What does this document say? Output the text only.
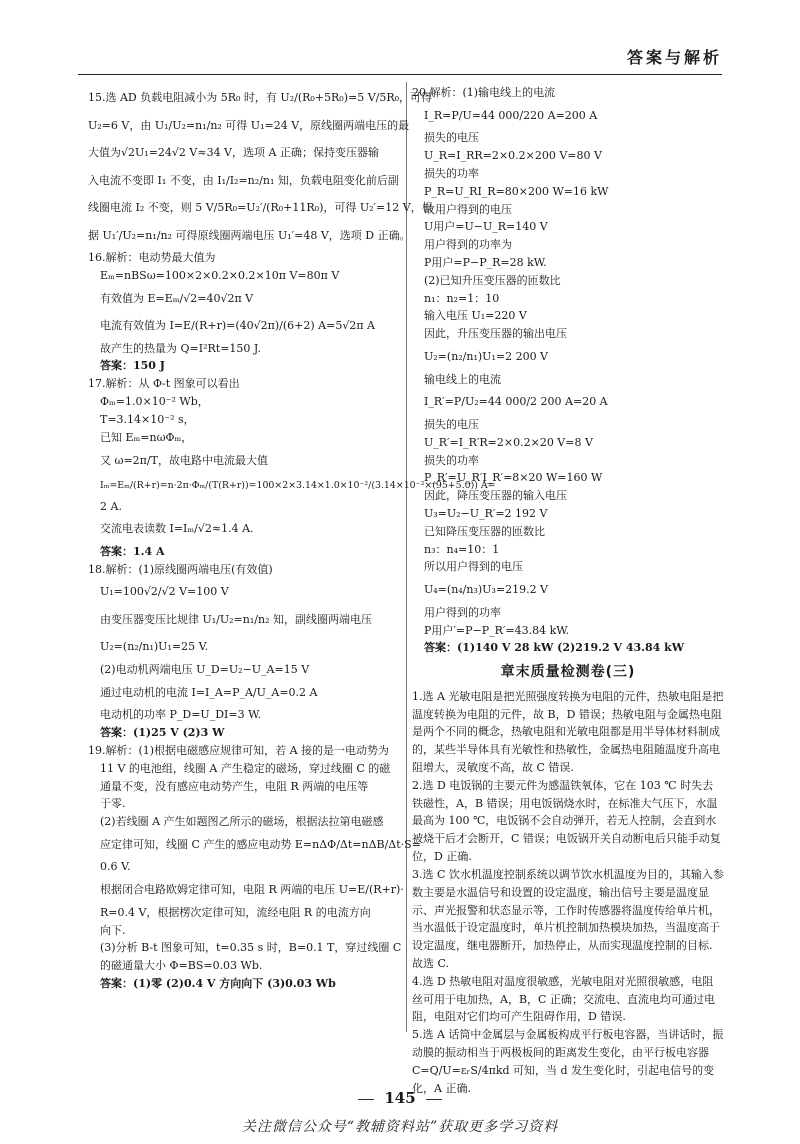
答案与解析

15.选 AD 负载电阻减小为 5R₀ 时，有 U₂/(R₀+5R₀)=5 V/5R₀，可得

U₂=6 V，由 U₁/U₂=n₁/n₂ 可得 U₁=24 V，原线圈两端电压的最

大值为√2U₁=24√2 V≈34 V，选项 A 正确；保持变压器输

入电流不变即 I₁ 不变，由 I₁/I₂=n₂/n₁ 知，负载电阻变化前后副

线圈电流 I₂ 不变，则 5 V/5R₀=U₂′/(R₀+11R₀)，可得 U₂′=12 V，根

据 U₁′/U₂=n₁/n₂ 可得原线圈两端电压 U₁′=48 V，选项 D 正确。

16.解析：电动势最大值为

Eₘ=nBSω=100×2×0.2×0.2×10π V=80π V

有效值为 E=Eₘ/√2=40√2π V

电流有效值为 I=E/(R+r)=(40√2π)/(6+2) A=5√2π A

故产生的热量为 Q=I²Rt=150 J.

答案：150 J

17.解析：从 Φ-t 图象可以看出

Φₘ=1.0×10⁻² Wb，

T=3.14×10⁻² s，

已知 Eₘ=nωΦₘ，

又 ω=2π/T，故电路中电流最大值

Iₘ=Eₘ/(R+r)=n·2π·Φₘ/(T(R+r))=100×2×3.14×1.0×10⁻²/(3.14×10⁻²×(95+5.0)) A=

2 A.

交流电表读数 I=Iₘ/√2≈1.4 A.

答案：1.4 A

18.解析：(1)原线圈两端电压(有效值)

U₁=100√2/√2 V=100 V

由变压器变压比规律 U₁/U₂=n₁/n₂ 知，副线圈两端电压

U₂=(n₂/n₁)U₁=25 V.

(2)电动机两端电压 U_D=U₂−U_A=15 V

通过电动机的电流 I=I_A=P_A/U_A=0.2 A

电动机的功率 P_D=U_DI=3 W.

答案：(1)25 V (2)3 W

19.解析：(1)根据电磁感应规律可知，若 A 接的是一电动势为

11 V 的电池组，线圈 A 产生稳定的磁场，穿过线圈 C 的磁

通量不变，没有感应电动势产生，电阻 R 两端的电压等

于零.

(2)若线圈 A 产生如题图乙所示的磁场，根据法拉第电磁感

应定律可知，线圈 C 产生的感应电动势 E=nΔΦ/Δt=nΔB/Δt·S=

0.6 V.

根据闭合电路欧姆定律可知，电阻 R 两端的电压 U=E/(R+r)·

R=0.4 V，根据楞次定律可知，流经电阻 R 的电流方向

向下.

(3)分析 B-t 图象可知，t=0.35 s 时，B=0.1 T，穿过线圈 C

的磁通量大小 Φ=BS=0.03 Wb.

答案：(1)零 (2)0.4 V 方向向下 (3)0.03 Wb

20.解析：(1)输电线上的电流

I_R=P/U=44 000/220 A=200 A

损失的电压

U_R=I_RR=2×0.2×200 V=80 V

损失的功率

P_R=U_RI_R=80×200 W=16 kW

故用户得到的电压

U用户=U−U_R=140 V

用户得到的功率为

P用户=P−P_R=28 kW.

(2)已知升压变压器的匝数比

n₁：n₂=1：10

输入电压 U₁=220 V

因此，升压变压器的输出电压

U₂=(n₂/n₁)U₁=2 200 V

输电线上的电流

I_R′=P/U₂=44 000/2 200 A=20 A

损失的电压

U_R′=I_R′R=2×0.2×20 V=8 V

损失的功率

P_R′=U_R′I_R′=8×20 W=160 W

因此，降压变压器的输入电压

U₃=U₂−U_R′=2 192 V

已知降压变压器的匝数比

n₃：n₄=10：1

所以用户得到的电压

U₄=(n₄/n₃)U₃=219.2 V

用户得到的功率

P用户′=P−P_R′=43.84 kW.

答案：(1)140 V 28 kW (2)219.2 V 43.84 kW

章末质量检测卷(三)

1.选 A 光敏电阻是把光照强度转换为电阻的元件，热敏电阻是把温度转换为电阻的元件，故 B，D 错误；热敏电阻与金属热电阻是两个不同的概念，热敏电阻和光敏电阻都是用半导体材料制成的，某些半导体具有光敏性和热敏性，金属热电阻随温度升高电阻增大，灵敏度不高，故 C 错误.

2.选 D 电饭锅的主要元件为感温铁氧体，它在 103 ℃ 时失去铁磁性，A，B 错误；用电饭锅烧水时，在标准大气压下，水温最高为 100 ℃，电饭锅不会自动弹开，若无人控制，会直到水被烧干后才会断开，C 错误；电饭锅开关自动断电后只能手动复位，D 正确.

3.选 C 饮水机温度控制系统以调节饮水机温度为目的，其输入参数主要是水温信号和设置的设定温度，输出信号主要是温度显示、声光报警和状态显示等，工作时传感器将温度传给单片机，当水温低于设定温度时，单片机控制加热模块加热，当温度高于设定温度，继电器断开，加热停止，从而实现温度控制的目标. 故选 C.

4.选 D 热敏电阻对温度很敏感，光敏电阻对光照很敏感，电阻丝可用于电加热，A，B，C 正确；交流电、直流电均可通过电阻，电阻对它们均可产生阻碍作用，D 错误.

5.选 A 话筒中金属层与金属板构成平行板电容器，当讲话时，振动膜的振动相当于两极板间的距离发生变化，由平行板电容器 C=Q/U=εᵣS/4πkd 可知，当 d 发生变化时，引起电信号的变化，A 正确.

145
关注微信公众号“教辅资料站”获取更多学习资料
